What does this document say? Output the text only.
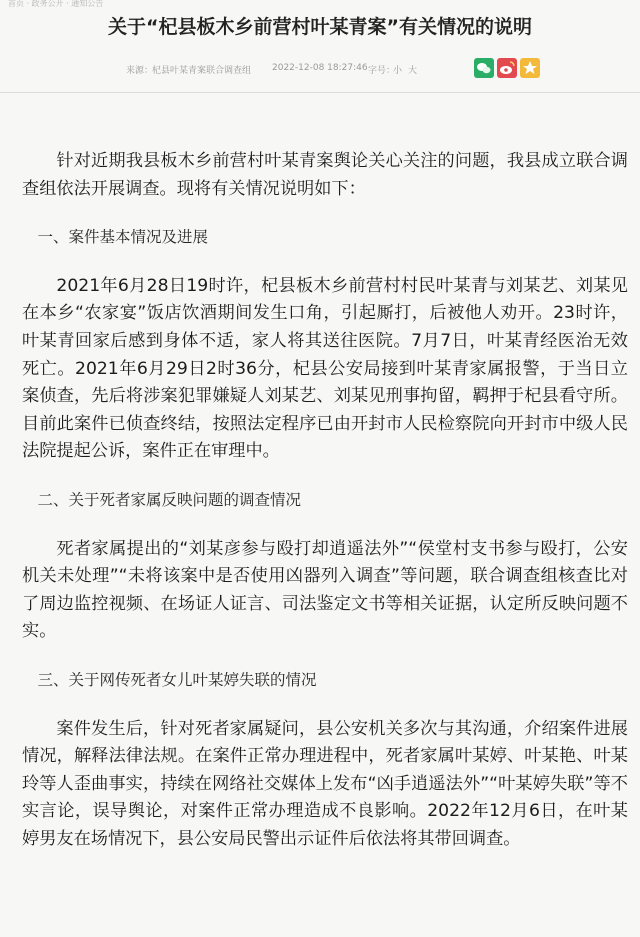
首页 · 政务公开 · 通知公告
关于“杞县板木乡前营村叶某青案”有关情况的说明
来源：
杞县叶某青案联合调查组 2022-12-08 18:27:46 字号：
小 大

针对近期我县板木乡前营村叶某青案舆论关心关注的问题，我县成立联合调查组依法开展调查。现将有关情况说明如下：

一、案件基本情况及进展

2021年6月28日19时许，杞县板木乡前营村村民叶某青与刘某艺、刘某见在本乡“农家宴”饭店饮酒期间发生口角，引起厮打，后被他人劝开。23时许，叶某青回家后感到身体不适，家人将其送往医院。7月7日，叶某青经医治无效死亡。2021年6月29日2时36分，杞县公安局接到叶某青家属报警，于当日立案侦查，先后将涉案犯罪嫌疑人刘某艺、刘某见刑事拘留，羁押于杞县看守所。目前此案件已侦查终结，按照法定程序已由开封市人民检察院向开封市中级人民法院提起公诉，案件正在审理中。

二、关于死者家属反映问题的调查情况

死者家属提出的“刘某彦参与殴打却逍遥法外”“侯堂村支书参与殴打，公安机关未处理”“未将该案中是否使用凶器列入调查”等问题，联合调查组核查比对了周边监控视频、在场证人证言、司法鉴定文书等相关证据，认定所反映问题不实。

三、关于网传死者女儿叶某婷失联的情况

案件发生后，针对死者家属疑问，县公安机关多次与其沟通，介绍案件进展情况，解释法律法规。在案件正常办理进程中，死者家属叶某婷、叶某艳、叶某玲等人歪曲事实，持续在网络社交媒体上发布“凶手逍遥法外”“叶某婷失联”等不实言论，误导舆论，对案件正常办理造成不良影响。2022年12月6日，在叶某婷男友在场情况下，县公安局民警出示证件后依法将其带回调查。
